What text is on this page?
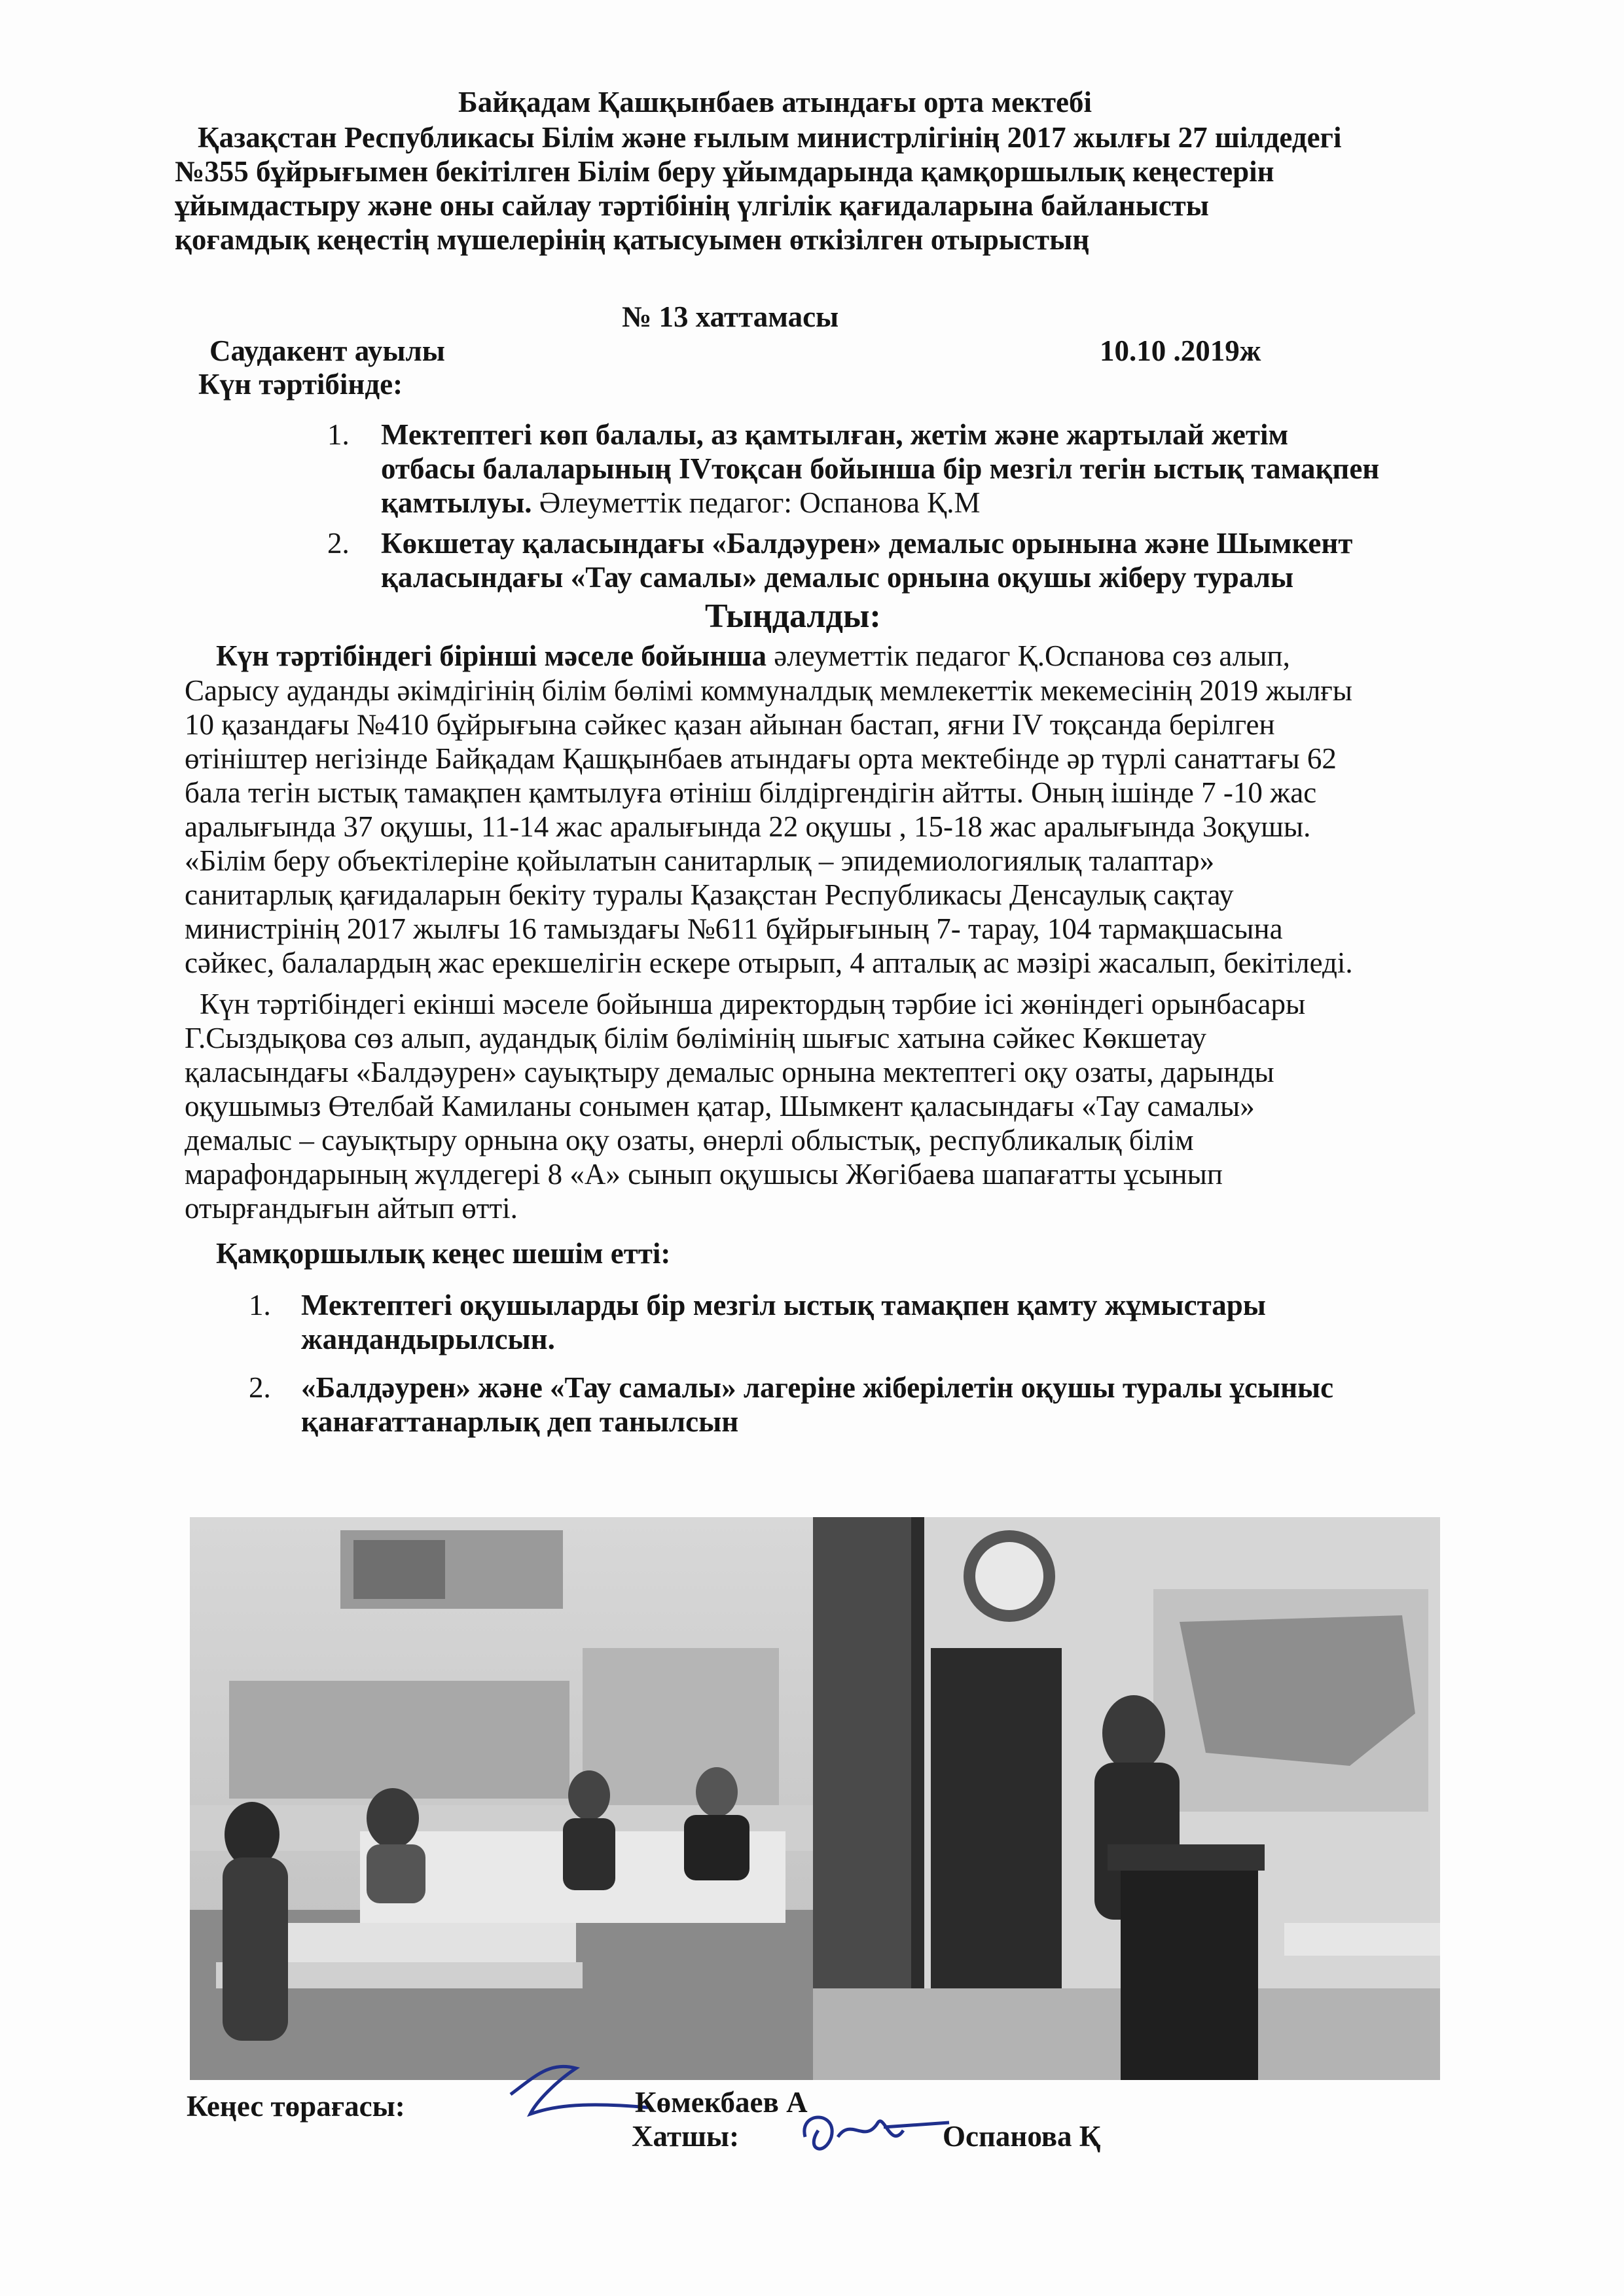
Байқадам Қашқынбаев атындағы орта мектебі
Қазақстан Республикасы Білім және ғылым министрлігінің 2017 жылғы 27 шілдедегі
№355 бұйрығымен бекітілген Білім беру ұйымдарында қамқоршылық кеңестерін
ұйымдастыру және оны сайлау тәртібінің үлгілік қағидаларына байланысты
қоғамдық кеңестің мүшелерінің қатысуымен өткізілген отырыстың
№ 13 хаттамасы
Саудакент ауылы	10.10 .2019ж
Күн тәртібінде:
1. Мектептегі көп балалы, аз қамтылған, жетім және жартылай жетім
отбасы балаларының IVтоқсан бойынша бір мезгіл тегін ыстық тамақпен
қамтылуы. Әлеуметтік педагог: Оспанова Қ.М
2. Көкшетау қаласындағы «Балдәурен» демалыс орынына және Шымкент
қаласындағы «Тау самалы» демалыс орнына оқушы жіберу туралы
Тыңдалды:
Күн тәртібіндегі бірінші мәселе бойынша әлеуметтік педагог Қ.Оспанова сөз алып,
Сарысу ауданды әкімдігінің білім бөлімі коммуналдық мемлекеттік мекемесінің 2019 жылғы
10 қазандағы №410 бұйрығына сәйкес қазан айынан бастап, яғни IV тоқсанда берілген
өтініштер негізінде Байқадам Қашқынбаев атындағы орта мектебінде әр түрлі санаттағы 62
бала тегін ыстық тамақпен қамтылуға өтініш білдіргендігін айтты. Оның ішінде 7 -10 жас
аралығында 37 оқушы, 11-14 жас аралығында 22 оқушы , 15-18 жас аралығында 3оқушы.
«Білім беру объектілеріне қойылатын санитарлық – эпидемиологиялық талаптар»
санитарлық қағидаларын бекіту туралы Қазақстан Республикасы Денсаулық сақтау
министрінің 2017 жылғы 16 тамыздағы №611 бұйрығының 7- тарау, 104 тармақшасына
сәйкес, балалардың жас ерекшелігін ескере отырып, 4 апталық ас мәзірі жасалып, бекітіледі.
Күн тәртібіндегі екінші мәселе бойынша директордың тәрбие ісі жөніндегі орынбасары
Г.Сыздықова сөз алып, аудандық білім бөлімінің шығыс хатына сәйкес Көкшетау
қаласындағы «Балдәурен» сауықтыру демалыс орнына мектептегі оқу озаты, дарынды
оқушымыз Өтелбай Камиланы сонымен қатар, Шымкент қаласындағы «Тау самалы»
демалыс – сауықтыру орнына оқу озаты, өнерлі облыстық, республикалық білім
марафондарының жүлдегері 8 «А» сынып оқушысы Жөгібаева шапағатты ұсынып
отырғандығын айтып өтті.
Қамқоршылық кеңес шешім етті:
1. Мектептегі оқушыларды бір мезгіл ыстық тамақпен қамту жұмыстары
жандандырылсын.
2. «Балдәурен» және «Тау самалы» лагеріне жіберілетін оқушы туралы ұсыныс
қанағаттанарлық деп танылсын
Кеңес төрағасы:	Көмекбаев А
Хатшы:	Оспанова Қ
